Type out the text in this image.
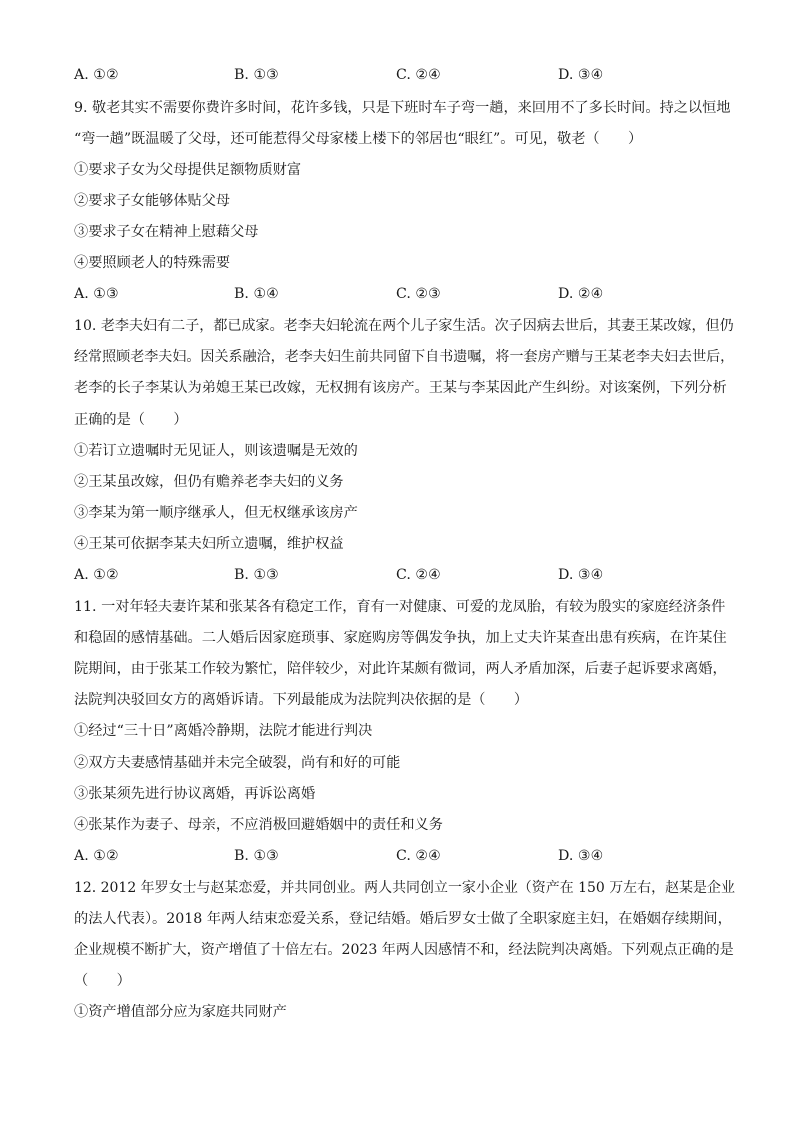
A. ①②	B. ①③	C. ②④	D. ③④
9. 敬老其实不需要你费许多时间，花许多钱，只是下班时车子弯一趟，来回用不了多长时间。持之以恒地
“弯一趟”既温暖了父母，还可能惹得父母家楼上楼下的邻居也“眼红”。可见，敬老（　　）
①要求子女为父母提供足额物质财富
②要求子女能够体贴父母
③要求子女在精神上慰藉父母
④要照顾老人的特殊需要
A. ①③	B. ①④	C. ②③	D. ②④
10. 老李夫妇有二子，都已成家。老李夫妇轮流在两个儿子家生活。次子因病去世后，其妻王某改嫁，但仍
经常照顾老李夫妇。因关系融洽，老李夫妇生前共同留下自书遗嘱，将一套房产赠与王某老李夫妇去世后，
老李的长子李某认为弟媳王某已改嫁，无权拥有该房产。王某与李某因此产生纠纷。对该案例，下列分析
正确的是（　　）
①若订立遗嘱时无见证人，则该遗嘱是无效的
②王某虽改嫁，但仍有赡养老李夫妇的义务
③李某为第一顺序继承人，但无权继承该房产
④王某可依据李某夫妇所立遗嘱，维护权益
A. ①②	B. ①③	C. ②④	D. ③④
11. 一对年轻夫妻许某和张某各有稳定工作，育有一对健康、可爱的龙凤胎，有较为殷实的家庭经济条件
和稳固的感情基础。二人婚后因家庭琐事、家庭购房等偶发争执，加上丈夫许某查出患有疾病，在许某住
院期间，由于张某工作较为繁忙，陪伴较少，对此许某颇有微词，两人矛盾加深，后妻子起诉要求离婚，
法院判决驳回女方的离婚诉请。下列最能成为法院判决依据的是（　　）
①经过“三十日”离婚冷静期，法院才能进行判决
②双方夫妻感情基础并未完全破裂，尚有和好的可能
③张某须先进行协议离婚，再诉讼离婚
④张某作为妻子、母亲，不应消极回避婚姻中的责任和义务
A. ①②	B. ①③	C. ②④	D. ③④
12. 2012 年罗女士与赵某恋爱，并共同创业。两人共同创立一家小企业（资产在 150 万左右，赵某是企业
的法人代表）。2018 年两人结束恋爱关系，登记结婚。婚后罗女士做了全职家庭主妇，在婚姻存续期间，
企业规模不断扩大，资产增值了十倍左右。2023 年两人因感情不和，经法院判决离婚。下列观点正确的是
（　　）
①资产增值部分应为家庭共同财产
